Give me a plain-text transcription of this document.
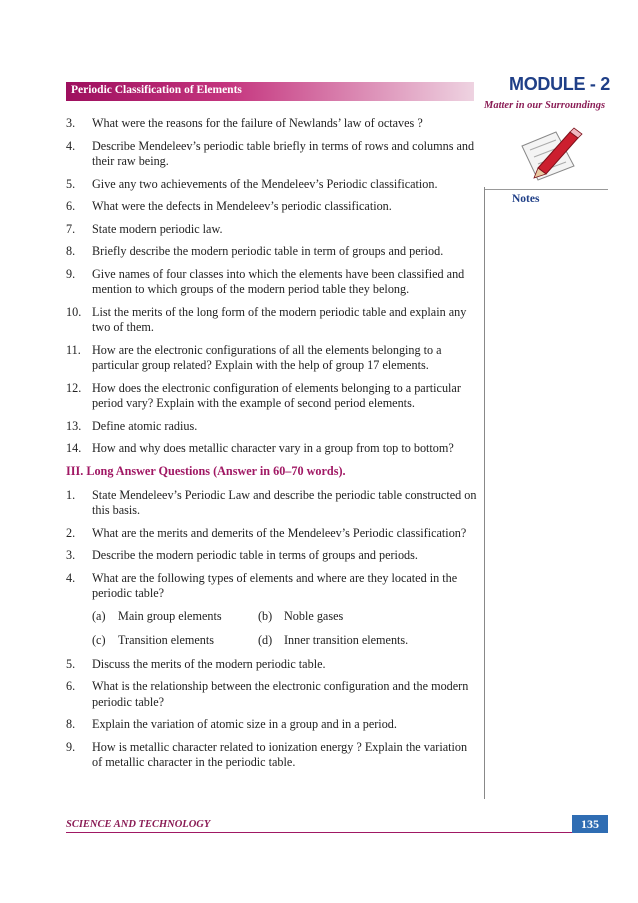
Periodic Classification of Elements	MODULE - 2
Matter in our Surroundings
Notes
3. What were the reasons for the failure of Newlands’ law of octaves ?
4. Describe Mendeleev’s periodic table briefly in terms of rows and columns and their raw being.
5. Give any two achievements of the Mendeleev’s Periodic classification.
6. What were the defects in Mendeleev’s periodic classification.
7. State modern periodic law.
8. Briefly describe the modern periodic table in term of groups and period.
9. Give names of four classes into which the elements have been classified and mention to which groups of the modern period table they belong.
10. List the merits of the long form of the modern periodic table and explain any two of them.
11. How are the electronic configurations of all the elements belonging to a particular group related? Explain with the help of group 17 elements.
12. How does the electronic configuration of elements belonging to a particular period vary? Explain with the example of second period elements.
13. Define atomic radius.
14. How and why does metallic character vary in a group from top to bottom?
III. Long Answer Questions (Answer in 60–70 words).
1. State Mendeleev’s Periodic Law and describe the periodic table constructed on this basis.
2. What are the merits and demerits of the Mendeleev’s Periodic classification?
3. Describe the modern periodic table in terms of groups and periods.
4. What are the following types of elements and where are they located in the periodic table?
(a) Main group elements	(b) Noble gases
(c) Transition elements	(d) Inner transition elements.
5. Discuss the merits of the modern periodic table.
6. What is the relationship between the electronic configuration and the modern periodic table?
8. Explain the variation of atomic size in a group and in a period.
9. How is metallic character related to ionization energy ? Explain the variation of metallic character in the periodic table.
SCIENCE AND TECHNOLOGY	135
